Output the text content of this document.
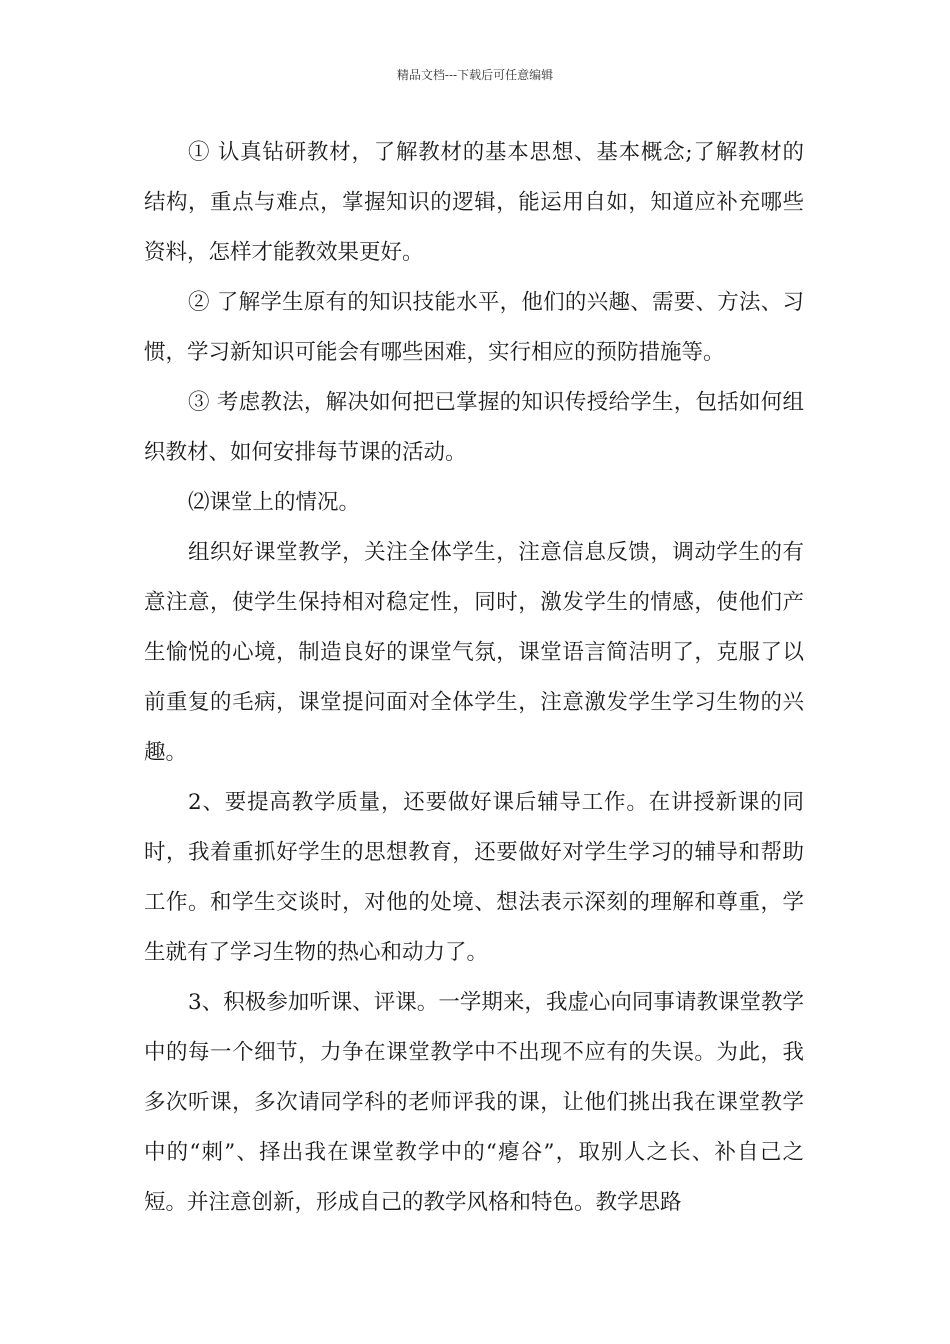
精品文档---下载后可任意编辑

① 认真钻研教材，了解教材的基本思想、基本概念;了解教材的结构，重点与难点，掌握知识的逻辑，能运用自如，知道应补充哪些资料，怎样才能教效果更好。

② 了解学生原有的知识技能水平，他们的兴趣、需要、方法、习惯，学习新知识可能会有哪些困难，实行相应的预防措施等。

③ 考虑教法，解决如何把已掌握的知识传授给学生，包括如何组织教材、如何安排每节课的活动。

⑵课堂上的情况。

组织好课堂教学，关注全体学生，注意信息反馈，调动学生的有意注意，使学生保持相对稳定性，同时，激发学生的情感，使他们产生愉悦的心境，制造良好的课堂气氛，课堂语言简洁明了，克服了以前重复的毛病，课堂提问面对全体学生，注意激发学生学习生物的兴趣。

2、要提高教学质量，还要做好课后辅导工作。在讲授新课的同时，我着重抓好学生的思想教育，还要做好对学生学习的辅导和帮助工作。和学生交谈时，对他的处境、想法表示深刻的理解和尊重，学生就有了学习生物的热心和动力了。

3、积极参加听课、评课。一学期来，我虚心向同事请教课堂教学中的每一个细节，力争在课堂教学中不出现不应有的失误。为此，我多次听课，多次请同学科的老师评我的课，让他们挑出我在课堂教学中的“刺”、择出我在课堂教学中的“瘪谷”，取别人之长、补自己之短。并注意创新，形成自己的教学风格和特色。教学思路
